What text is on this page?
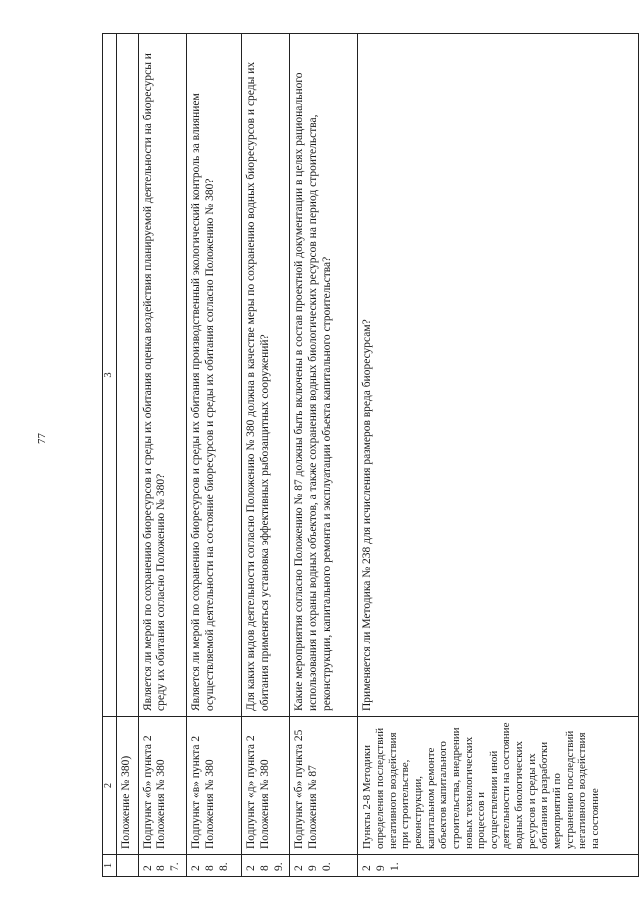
77
1	2	3
	Положение № 380)	
287.	Подпункт «б» пункта 2 Положения № 380	Является ли мерой по сохранению биоресурсов и среды их обитания оценка воздействия планируемой деятельности на биоресурсы и среду их обитания согласно Положению № 380?
288.	Подпункт «в» пункта 2 Положения № 380	Является ли мерой по сохранению биоресурсов и среды их обитания производственный экологический контроль за влиянием осуществляемой деятельности на состояние биоресурсов и среды их обитания согласно Положению № 380?
289.	Подпункт «д» пункта 2 Положения № 380	Для каких видов деятельности согласно Положению № 380 должна в качестве меры по сохранению водных биоресурсов и среды их обитания применяться установка эффективных рыбозащитных сооружений?
290.	Подпункт «б» пункта 25 Положения № 87	Какие мероприятия согласно Положению № 87 должны быть включены в состав проектной документации в целях рационального использования и охраны водных объектов, а также сохранения водных биологических ресурсов на период строительства, реконструкции, капитального ремонта и эксплуатации объекта капитального строительства?
291.	Пункты 2-8 Методики определения последствий негативного воздействия при строительстве, реконструкции, капитальном ремонте объектов капитального строительства, внедрении новых технологических процессов и осуществлении иной деятельности на состояние водных биологических ресурсов и среды их обитания и разработки мероприятий по устранению последствий негативного воздействия на состояние	Применяется ли Методика № 238 для исчисления размеров вреда биоресурсам?
